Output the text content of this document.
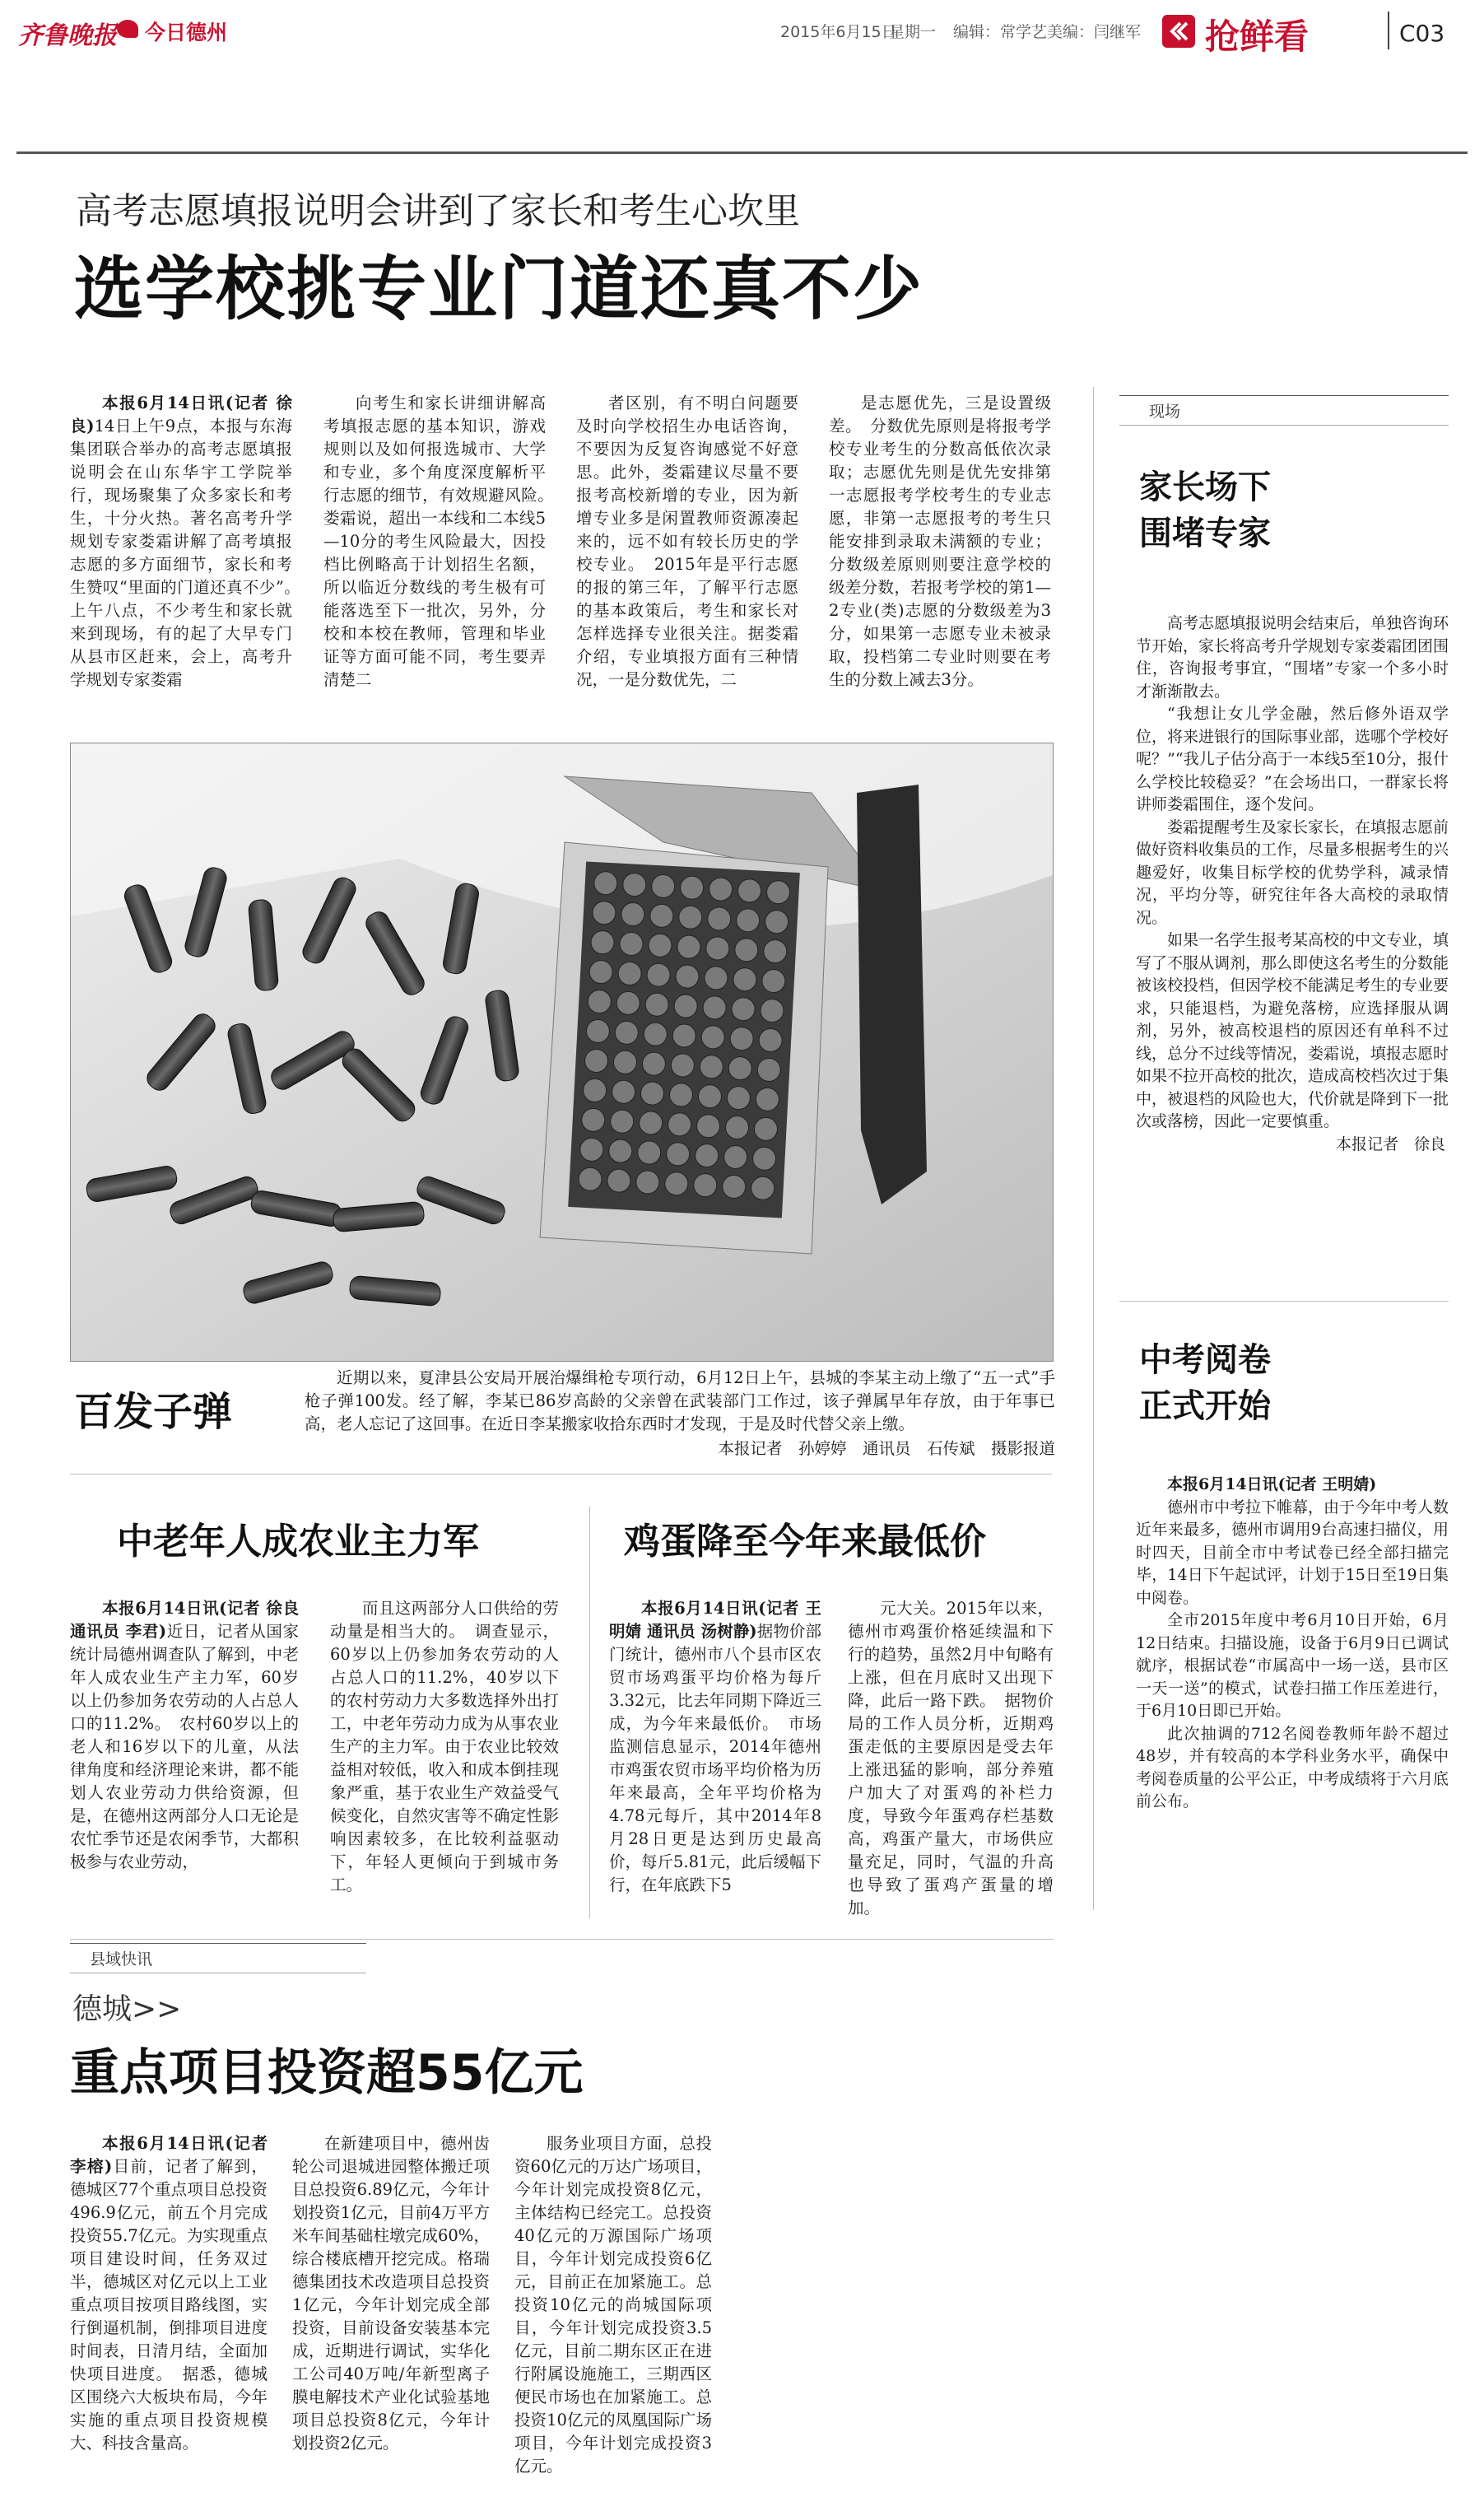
齐鲁晚报 今日德州	2015年6月15日
星期一 编辑：常学艺 美编：闫继军 抢鲜看	C03
高考志愿填报说明会讲到了家长和考生心坎里
选学校挑专业门道还真不少

本报6月14日讯(记者 徐良)14日上午9点，本报与东海集团联合举办的高考志愿填报说明会在山东华宇工学院举行，现场聚集了众多家长和考生，十分火热。著名高考升学规划专家娄霜讲解了高考填报志愿的多方面细节，家长和考生赞叹“里面的门道还真不少”。　上午八点，不少考生和家长就来到现场，有的起了大早专门从县市区赶来，会上，高考升学规划专家娄霜

向考生和家长讲细讲解高考填报志愿的基本知识，游戏规则以及如何报选城市、大学和专业，多个角度深度解析平行志愿的细节，有效规避风险。　娄霜说，超出一本线和二本线5—10分的考生风险最大，因投档比例略高于计划招生名额，所以临近分数线的考生极有可能落选至下一批次，另外，分校和本校在教师，管理和毕业证等方面可能不同，考生要弄清楚二

者区别，有不明白问题要及时向学校招生办电话咨询，不要因为反复咨询感觉不好意思。此外，娄霜建议尽量不要报考高校新增的专业，因为新增专业多是闲置教师资源凑起来的，远不如有较长历史的学校专业。　2015年是平行志愿的报的第三年，了解平行志愿的基本政策后，考生和家长对怎样选择专业很关注。据娄霜介绍，专业填报方面有三种情况，一是分数优先，二

是志愿优先，三是设置级差。　分数优先原则是将报考学校专业考生的分数高低依次录取；志愿优先则是优先安排第一志愿报考学校考生的专业志愿，非第一志愿报考的考生只能安排到录取未满额的专业；分数级差原则则要注意学校的级差分数，若报考学校的第1—2专业(类)志愿的分数级差为3分，如果第一志愿专业未被录取，投档第二专业时则要在考生的分数上减去3分。

百发子弹

近期以来，夏津县公安局开展治爆缉枪专项行动，6月12日上午，县城的李某主动上缴了“五一式”手枪子弹100发。经了解，李某已86岁高龄的父亲曾在武装部门工作过，该子弹属早年存放，由于年事已高，老人忘记了这回事。在近日李某搬家收拾东西时才发现，于是及时代替父亲上缴。

本报记者　孙婷婷　通讯员　石传斌　摄影报道
中老年人成农业主力军

本报6月14日讯(记者 徐良 通讯员 李君)近日，记者从国家统计局德州调查队了解到，中老年人成农业生产主力军，60岁以上仍参加务农劳动的人占总人口的11.2%。　农村60岁以上的老人和16岁以下的儿童，从法律角度和经济理论来讲，都不能划人农业劳动力供给资源，但是，在德州这两部分人口无论是农忙季节还是农闲季节，大都积极参与农业劳动，

而且这两部分人口供给的劳动量是相当大的。　调查显示，60岁以上仍参加务农劳动的人占总人口的11.2%，40岁以下的农村劳动力大多数选择外出打工，中老年劳动力成为从事农业生产的主力军。由于农业比较效益相对较低，收入和成本倒挂现象严重，基于农业生产效益受气候变化，自然灾害等不确定性影响因素较多，在比较利益驱动下，年轻人更倾向于到城市务工。

鸡蛋降至今年来最低价

本报6月14日讯(记者 王明婧 通讯员 汤树静)据物价部门统计，德州市八个县市区农贸市场鸡蛋平均价格为每斤3.32元，比去年同期下降近三成，为今年来最低价。　市场监测信息显示，2014年德州市鸡蛋农贸市场平均价格为历年来最高，全年平均价格为4.78元每斤，其中2014年8月28日更是达到历史最高价，每斤5.81元，此后缓幅下行，在年底跌下5

元大关。2015年以来，德州市鸡蛋价格延续温和下行的趋势，虽然2月中旬略有上涨，但在月底时又出现下降，此后一路下跌。　据物价局的工作人员分析，近期鸡蛋走低的主要原因是受去年上涨迅猛的影响，部分养殖户加大了对蛋鸡的补栏力度，导致今年蛋鸡存栏基数高，鸡蛋产量大，市场供应量充足，同时，气温的升高也导致了蛋鸡产蛋量的增加。

现场
家长场下
围堵专家

高考志愿填报说明会结束后，单独咨询环节开始，家长将高考升学规划专家娄霜团团围住，咨询报考事宜，“围堵”专家一个多小时才渐渐散去。

“我想让女儿学金融，然后修外语双学位，将来进银行的国际事业部，选哪个学校好呢？”“我儿子估分高于一本线5至10分，报什么学校比较稳妥？”在会场出口，一群家长将讲师娄霜围住，逐个发问。

娄霜提醒考生及家长家长，在填报志愿前做好资料收集员的工作，尽量多根据考生的兴趣爱好，收集目标学校的优势学科，减录情况，平均分等，研究往年各大高校的录取情况。

如果一名学生报考某高校的中文专业，填写了不服从调剂，那么即使这名考生的分数能被该校投档，但因学校不能满足考生的专业要求，只能退档，为避免落榜，应选择服从调剂，另外，被高校退档的原因还有单科不过线，总分不过线等情况，娄霜说，填报志愿时如果不拉开高校的批次，造成高校档次过于集中，被退档的风险也大，代价就是降到下一批次或落榜，因此一定要慎重。

本报记者　徐良
中考阅卷
正式开始

本报6月14日讯(记者 王明婧)

德州市中考拉下帷幕，由于今年中考人数近年来最多，德州市调用9台高速扫描仪，用时四天，目前全市中考试卷已经全部扫描完毕，14日下午起试评，计划于15日至19日集中阅卷。

全市2015年度中考6月10日开始，6月12日结束。扫描设施，设备于6月9日已调试就序，根据试卷“市属高中一场一送，县市区一天一送”的模式，试卷扫描工作压差进行，于6月10日即已开始。

此次抽调的712名阅卷教师年龄不超过48岁，并有较高的本学科业务水平，确保中考阅卷质量的公平公正，中考成绩将于六月底前公布。

县域快讯
德城>>
重点项目投资超55亿元

本报6月14日讯(记者 李榕)目前，记者了解到，德城区77个重点项目总投资496.9亿元，前五个月完成投资55.7亿元。为实现重点项目建设时间，任务双过半，德城区对亿元以上工业重点项目按项目路线图，实行倒逼机制，倒排项目进度时间表，日清月结，全面加快项目进度。　据悉，德城区围绕六大板块布局，今年实施的重点项目投资规模大、科技含量高。

在新建项目中，德州齿轮公司退城进园整体搬迁项目总投资6.89亿元，今年计划投资1亿元，目前4万平方米车间基础柱墩完成60%，综合楼底槽开挖完成。格瑞德集团技术改造项目总投资1亿元，今年计划完成全部投资，目前设备安装基本完成，近期进行调试，实华化工公司40万吨/年新型离子膜电解技术产业化试验基地项目总投资8亿元，今年计划投资2亿元。

服务业项目方面，总投资60亿元的万达广场项目，今年计划完成投资8亿元，主体结构已经完工。总投资40亿元的万源国际广场项目，今年计划完成投资6亿元，目前正在加紧施工。总投资10亿元的尚城国际项目，今年计划完成投资3.5亿元，目前二期东区正在进行附属设施施工，三期西区便民市场也在加紧施工。总投资10亿元的凤凰国际广场项目，今年计划完成投资3亿元。
